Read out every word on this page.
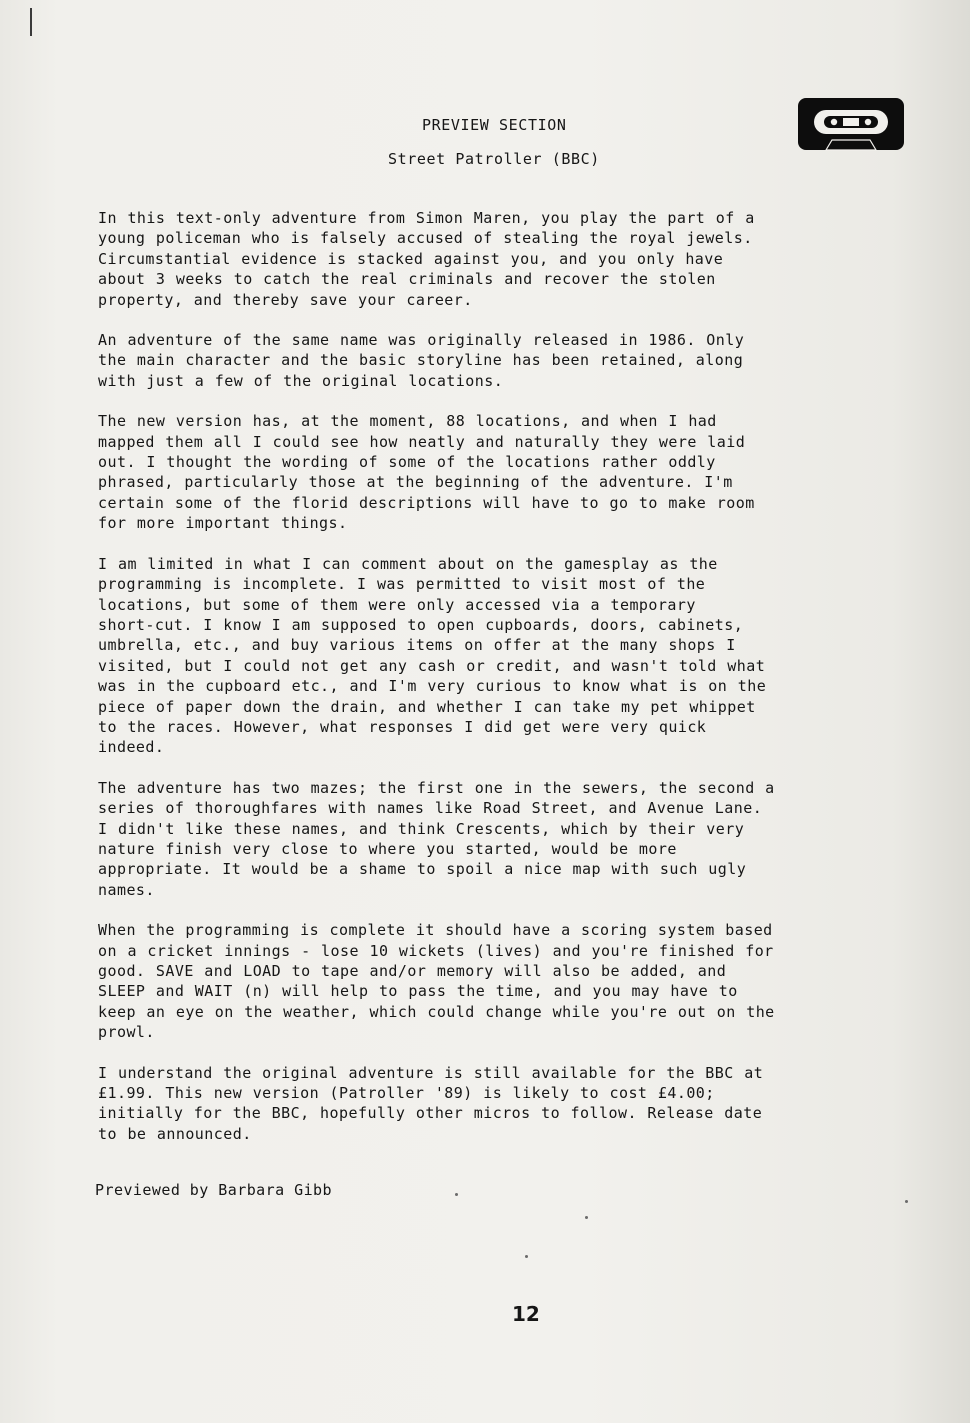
PREVIEW SECTION
Street Patroller (BBC)
In this text-only adventure from Simon Maren, you play the part of a
young policeman who is falsely accused of stealing the royal jewels.
Circumstantial evidence is stacked against you, and you only have
about 3 weeks to catch the real criminals and recover the stolen
property, and thereby save your career.
An adventure of the same name was originally released in 1986. Only
the main character and the basic storyline has been retained, along
with just a few of the original locations.
The new version has, at the moment, 88 locations, and when I had
mapped them all I could see how neatly and naturally they were laid
out. I thought the wording of some of the locations rather oddly
phrased, particularly those at the beginning of the adventure. I'm
certain some of the florid descriptions will have to go to make room
for more important things.
I am limited in what I can comment about on the gamesplay as the
programming is incomplete. I was permitted to visit most of the
locations, but some of them were only accessed via a temporary
short-cut. I know I am supposed to open cupboards, doors, cabinets,
umbrella, etc., and buy various items on offer at the many shops I
visited, but I could not get any cash or credit, and wasn't told what
was in the cupboard etc., and I'm very curious to know what is on the
piece of paper down the drain, and whether I can take my pet whippet
to the races. However, what responses I did get were very quick
indeed.
The adventure has two mazes; the first one in the sewers, the second a
series of thoroughfares with names like Road Street, and Avenue Lane.
I didn't like these names, and think Crescents, which by their very
nature finish very close to where you started, would be more
appropriate. It would be a shame to spoil a nice map with such ugly
names.
When the programming is complete it should have a scoring system based
on a cricket innings - lose 10 wickets (lives) and you're finished for
good. SAVE and LOAD to tape and/or memory will also be added, and
SLEEP and WAIT (n) will help to pass the time, and you may have to
keep an eye on the weather, which could change while you're out on the
prowl.
I understand the original adventure is still available for the BBC at
£1.99. This new version (Patroller '89) is likely to cost £4.00;
initially for the BBC, hopefully other micros to follow. Release date
to be announced.
Previewed by Barbara Gibb
12
